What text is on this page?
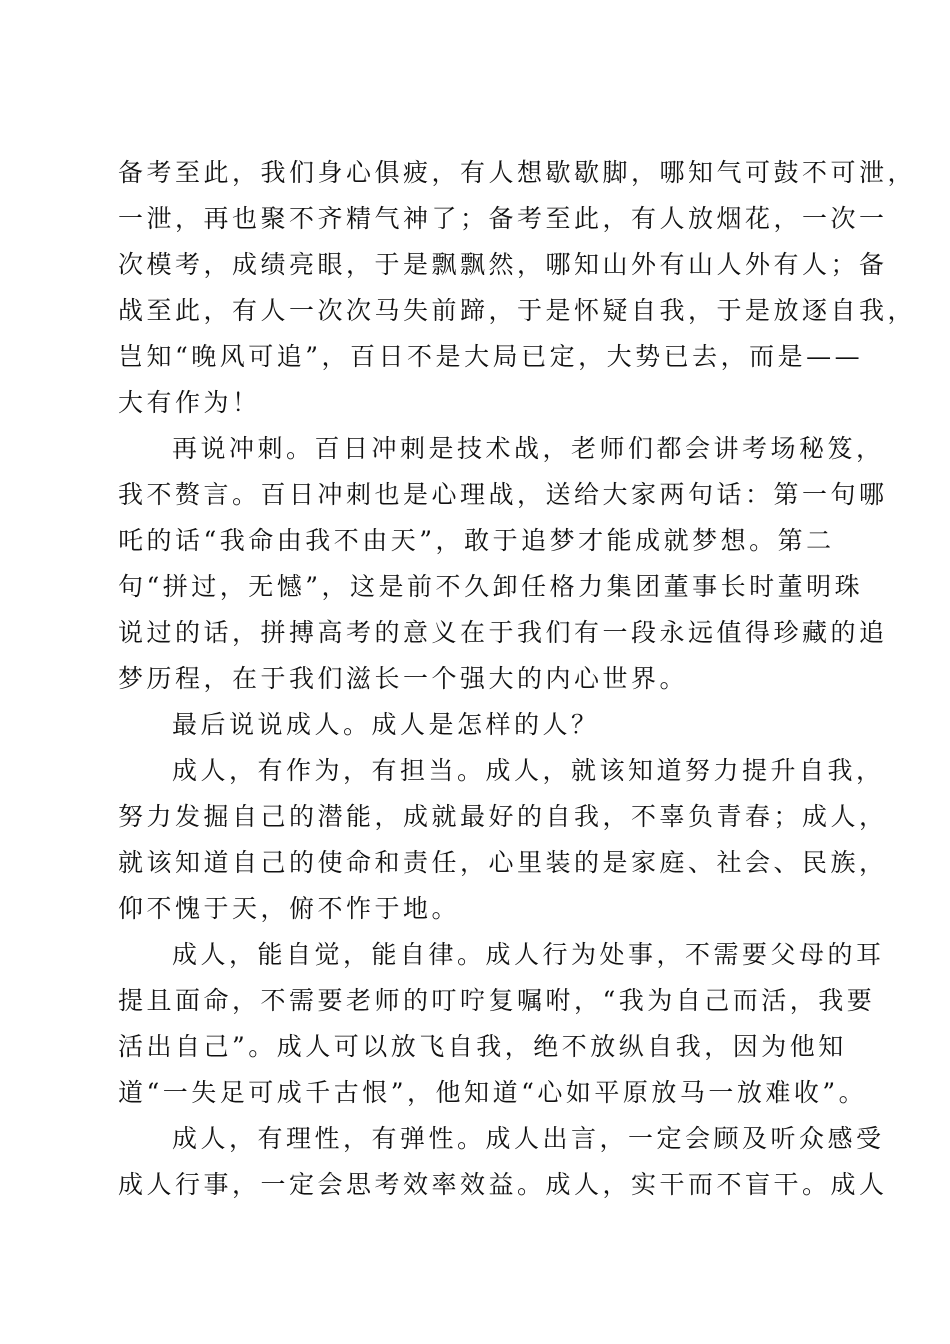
备考至此，我们身心俱疲，有人想歇歇脚，哪知气可鼓不可泄，
一泄，再也聚不齐精气神了；备考至此，有人放烟花，一次一
次模考，成绩亮眼，于是飘飘然，哪知山外有山人外有人；备
战至此，有人一次次马失前蹄，于是怀疑自我，于是放逐自我，
岂知“晚风可追”，百日不是大局已定，大势已去，而是——
大有作为！
再说冲刺。百日冲刺是技术战，老师们都会讲考场秘笈，
我不赘言。百日冲刺也是心理战，送给大家两句话：第一句哪
吒的话“我命由我不由天”，敢于追梦才能成就梦想。第二
句“拼过，无憾”，这是前不久卸任格力集团董事长时董明珠
说过的话，拼搏高考的意义在于我们有一段永远值得珍藏的追
梦历程，在于我们滋长一个强大的内心世界。
最后说说成人。成人是怎样的人？
成人，有作为，有担当。成人，就该知道努力提升自我，
努力发掘自己的潜能，成就最好的自我，不辜负青春；成人，
就该知道自己的使命和责任，心里装的是家庭、社会、民族，
仰不愧于天，俯不怍于地。
成人，能自觉，能自律。成人行为处事，不需要父母的耳
提且面命，不需要老师的叮咛复嘱咐，“我为自己而活，我要
活出自己”。成人可以放飞自我，绝不放纵自我，因为他知
道“一失足可成千古恨”，他知道“心如平原放马一放难收”。
成人，有理性，有弹性。成人出言，一定会顾及听众感受
成人行事，一定会思考效率效益。成人，实干而不盲干。成人
